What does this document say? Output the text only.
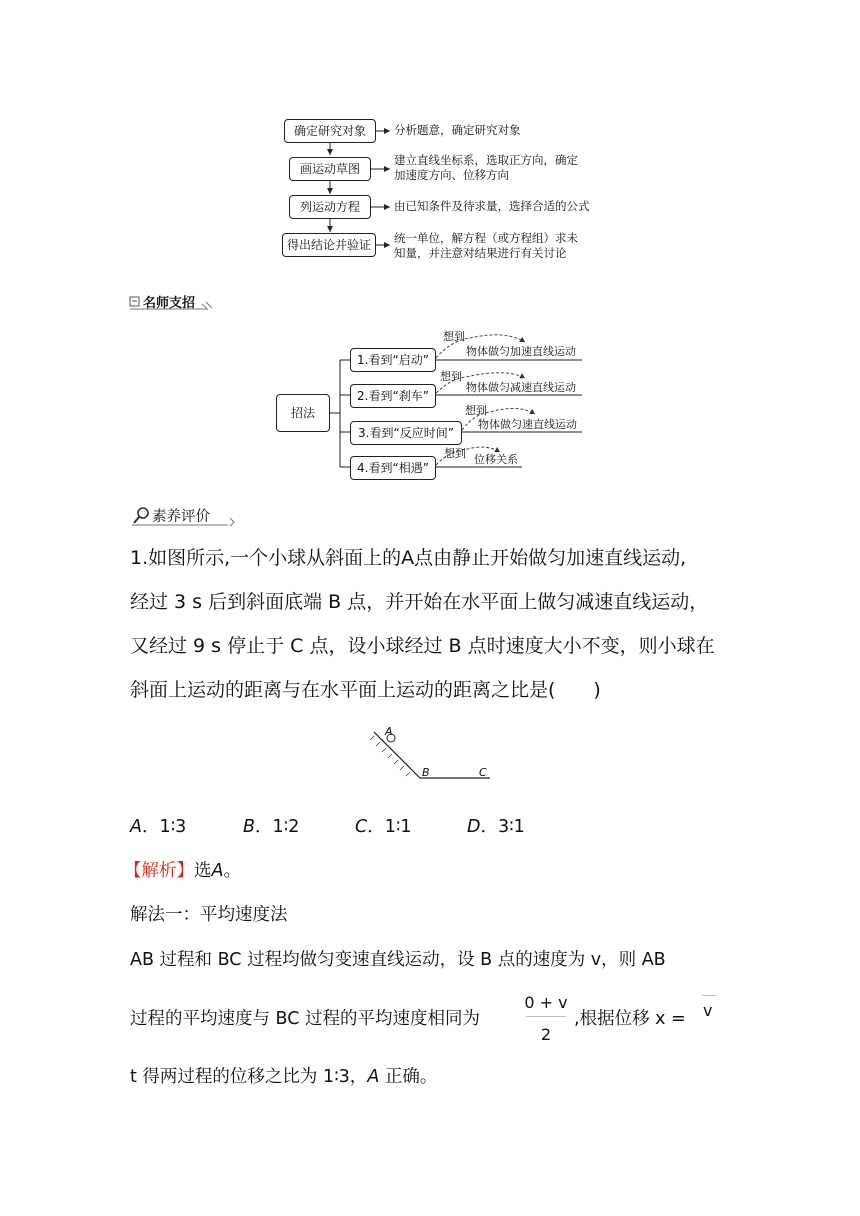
确定研究对象
画运动草图
列运动方程
得出结论并验证
分析题意，确定研究对象
建立直线坐标系，选取正方向，确定
加速度方向、位移方向
由已知条件及待求量，选择合适的公式
统一单位，解方程（或方程组）求未
知量，并注意对结果进行有关讨论
名师支招
招法
1.看到“启动”
2.看到“刹车”
3.看到“反应时间”
4.看到“相遇”
想到
想到
想到
想到
物体做匀加速直线运动
物体做匀减速直线运动
物体做匀速直线运动
位移关系
素养评价
1.如图所示,一个小球从斜面上的A点由静止开始做匀加速直线运动,
经过 3 s 后到斜面底端 B 点，并开始在水平面上做匀减速直线运动，
又经过 9 s 停止于 C 点，设小球经过 B 点时速度大小不变，则小球在
斜面上运动的距离与在水平面上运动的距离之比是(　　)
A
B	C
A．1∶3	B．1∶2	C．1∶1	D．3∶1
【解析】选A。
解法一：平均速度法
AB 过程和 BC 过程均做匀变速直线运动，设 B 点的速度为 v，则 AB
过程的平均速度与 BC 过程的平均速度相同为
0 + v
2
,根据位移 x = v
t 得两过程的位移之比为 1∶3，A 正确。
